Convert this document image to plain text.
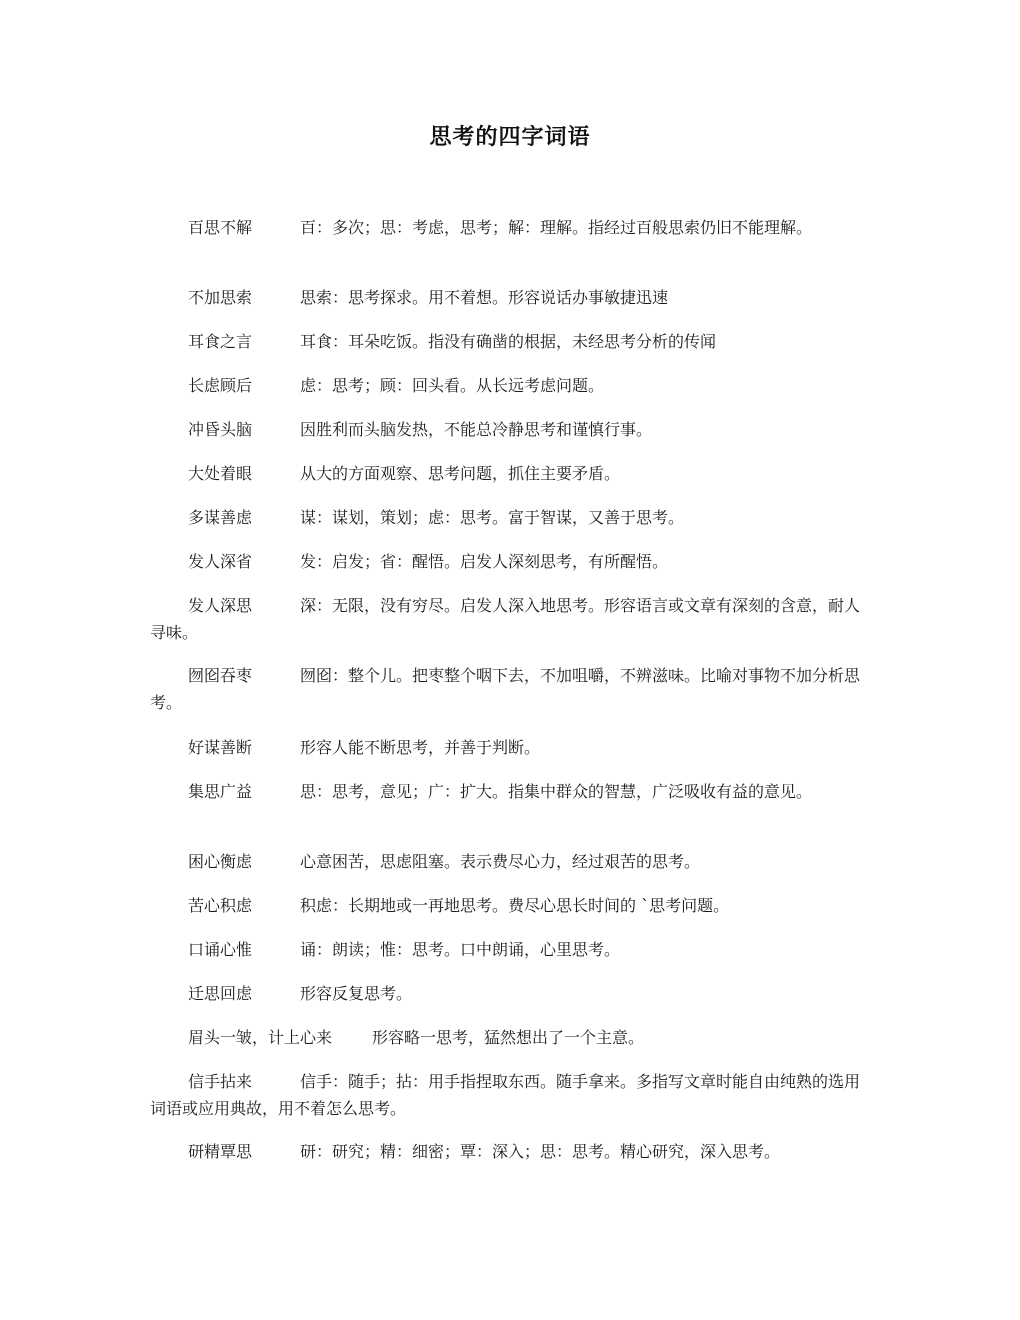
思考的四字词语
百思不解	百：多次；思：考虑，思考；解：理解。指经过百般思索仍旧不能理解。
不加思索	思索：思考探求。用不着想。形容说话办事敏捷迅速
耳食之言	耳食：耳朵吃饭。指没有确凿的根据，未经思考分析的传闻
长虑顾后	虑：思考；顾：回头看。从长远考虑问题。
冲昏头脑	因胜利而头脑发热，不能总冷静思考和谨慎行事。
大处着眼	从大的方面观察、思考问题，抓住主要矛盾。
多谋善虑	谋：谋划，策划；虑：思考。富于智谋，又善于思考。
发人深省	发：启发；省：醒悟。启发人深刻思考，有所醒悟。
发人深思	深：无限，没有穷尽。启发人深入地思考。形容语言或文章有深刻的含意，耐人寻味。
囫囵吞枣	囫囵：整个儿。把枣整个咽下去，不加咀嚼，不辨滋味。比喻对事物不加分析思考。
好谋善断	形容人能不断思考，并善于判断。
集思广益	思：思考，意见；广：扩大。指集中群众的智慧，广泛吸收有益的意见。
困心衡虑	心意困苦，思虑阻塞。表示费尽心力，经过艰苦的思考。
苦心积虑	积虑：长期地或一再地思考。费尽心思长时间的 `思考问题。
口诵心惟	诵：朗读；惟：思考。口中朗诵，心里思考。
迁思回虑	形容反复思考。
眉头一皱，计上心来	形容略一思考，猛然想出了一个主意。
信手拈来	信手：随手；拈：用手指捏取东西。随手拿来。多指写文章时能自由纯熟的选用词语或应用典故，用不着怎么思考。
研精覃思	研：研究；精：细密；覃：深入；思：思考。精心研究，深入思考。
